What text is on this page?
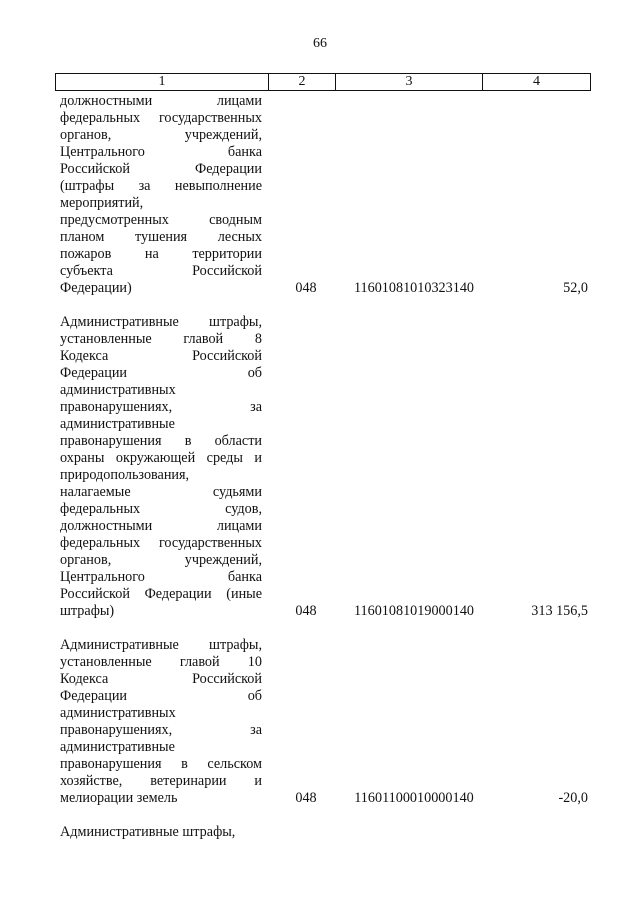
66
1	2	3	4
должностными	лицами
федеральных государственных
органов,	учреждений,
Центрального	банка
Российской	Федерации
(штрафы за невыполнение
мероприятий,
предусмотренных	сводным
планом тушения лесных
пожаров на территории
субъекта	Российской
Федерации)	048	11601081010323140	52,0
Административные штрафы,
установленные главой 8
Кодекса	Российской
Федерации	об
административных
правонарушениях,	за
административные
правонарушения в области
охраны окружающей среды и
природопользования,
налагаемые	судьями
федеральных	судов,
должностными	лицами
федеральных государственных
органов,	учреждений,
Центрального	банка
Российской Федерации (иные
штрафы)	048	11601081019000140	313 156,5
Административные штрафы,
установленные главой 10
Кодекса	Российской
Федерации	об
административных
правонарушениях,	за
административные
правонарушения в сельском
хозяйстве, ветеринарии и
мелиорации земель	048	11601100010000140	-20,0
Административные штрафы,
